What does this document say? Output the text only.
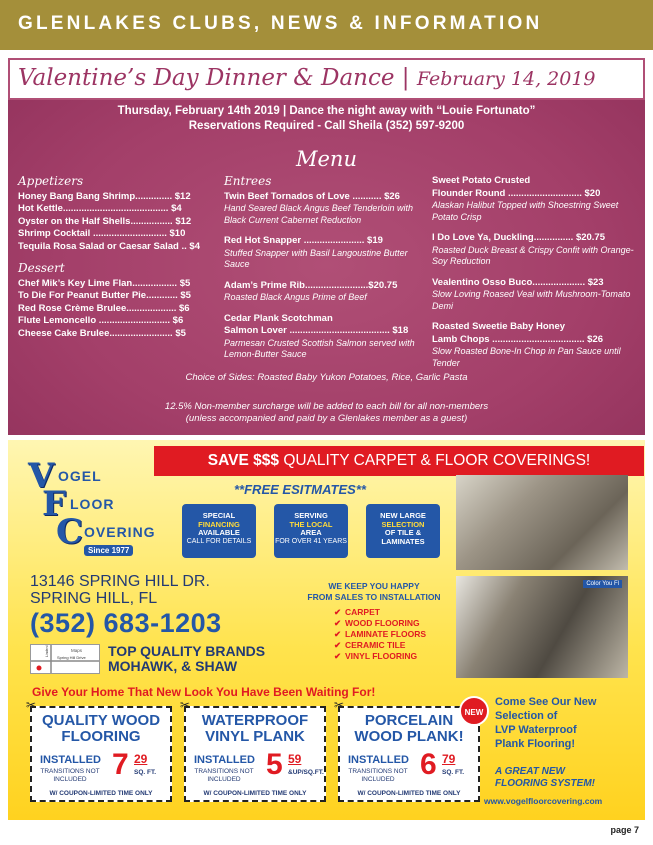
GLENLAKES CLUBS, NEWS & INFORMATION
Valentine’s Day Dinner & Dance | February 14, 2019
Thursday, February 14th 2019 | Dance the night away with “Louie Fortunato”
Reservations Required - Call Sheila (352) 597-9200
Menu
Appetizers
Honey Bang Bang Shrimp.............. $12
Hot Kettle........................................ $4
Oyster on the Half Shells................ $12
Shrimp Cocktail ............................ $10
Tequila Rosa Salad or Caesar Salad .. $4
Dessert
Chef Mik’s Key Lime Flan................. $5
To Die For Peanut Butter Pie............ $5
Red Rose Crème Brulee................... $6
Flute Lemoncello ........................... $6
Cheese Cake Brulee........................ $5
Entrees
Twin Beef Tornados of Love ........... $26
Hand Seared Black Angus Beef Tenderloin with Black Current Cabernet Reduction
Red Hot Snapper ....................... $19
Stuffed Snapper with Basil Langoustine Butter Sauce
Adam’s Prime Rib........................$20.75
Roasted Black Angus Prime of Beef
Cedar Plank Scotchman
Salmon Lover ...................................... $18
Parmesan Crusted Scottish Salmon served with Lemon-Butter Sauce
Sweet Potato Crusted
Flounder Round ............................ $20
Alaskan Halibut Topped with Shoestring Sweet Potato Crisp
I Do Love Ya, Duckling............... $20.75
Roasted Duck Breast & Crispy Confit with Orange-Soy Reduction
Vealentino Osso Buco.................... $23
Slow Loving Roased Veal with Mushroom-Tomato Demi
Roasted Sweetie Baby Honey
Lamb Chops ................................... $26
Slow Roasted Bone-In Chop in Pan Sauce until Tender
Choice of Sides: Roasted Baby Yukon Potatoes, Rice, Garlic Pasta
12.5% Non-member surcharge will be added to each bill for all non-members
(unless accompanied and paid by a Glenlakes member as a guest)
SAVE $$$ QUALITY CARPET & FLOOR COVERINGS!
V OGEL
F LOOR
C OVERING
Since 1977
**FREE ESITMATES**
SPECIAL
FINANCING
AVAILABLE
CALL FOR DETAILS
SERVING
THE LOCAL
AREA
FOR OVER 41 YEARS
NEW LARGE
SELECTION
OF TILE & LAMINATES
Color You Fl
13146 SPRING HILL DR.
SPRING HILL, FL
(352) 683-1203
Maps
Spring Hill Drive
Linden Dr	TOP QUALITY BRANDS
MOHAWK, & SHAW
WE KEEP YOU HAPPY
FROM SALES TO INSTALLATION
✔ CARPET
✔ WOOD FLOORING
✔ LAMINATE FLOORS
✔ CERAMIC TILE
✔ VINYL FLOORING
Give Your Home That New Look You Have Been Waiting For!
✂
QUALITY WOOD
FLOORING
INSTALLED
TRANSITIONS NOT INCLUDED 7 29
SQ. FT.
W/ COUPON-LIMITED TIME ONLY
✂
WATERPROOF
VINYL PLANK
INSTALLED
TRANSITIONS NOT INCLUDED 5 59
&UP/SQ.FT.
W/ COUPON-LIMITED TIME ONLY
✂
PORCELAIN
WOOD PLANK!
INSTALLED
TRANSITIONS NOT INCLUDED 6 79
SQ. FT.
W/ COUPON-LIMITED TIME ONLY
NEW
Come See Our New
Selection of
LVP Waterproof
Plank Flooring!
A GREAT NEW
FLOORING SYSTEM!
www.vogelfloorcovering.com
page 7
